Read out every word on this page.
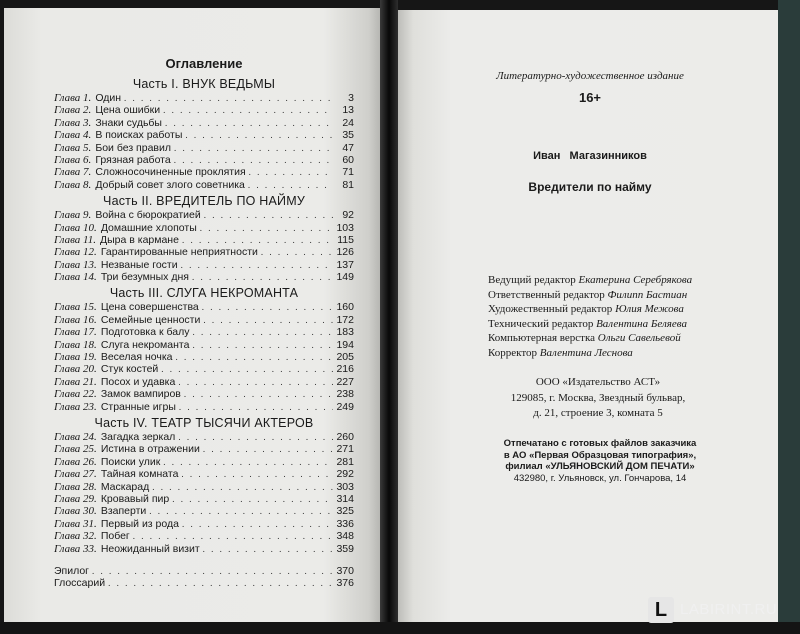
Оглавление
Часть I. ВНУК ВЕДЬМЫ
Глава 1. Один . . .	3
Глава 2. Цена ошибки . . .	13
Глава 3. Знаки судьбы . . .	24
Глава 4. В поисках работы . . .	35
Глава 5. Бои без правил . . .	47
Глава 6. Грязная работа . . .	60
Глава 7. Сложносочиненные проклятия . . .	71
Глава 8. Добрый совет злого советника . . .	81
Часть II. ВРЕДИТЕЛЬ ПО НАЙМУ
Глава 9. Война с бюрократией . . .	92
Глава 10. Домашние хлопоты . . .	103
Глава 11. Дыра в кармане . . .	115
Глава 12. Гарантированные неприятности . . .	126
Глава 13. Незваные гости . . .	137
Глава 14. Три безумных дня . . .	149
Часть III. СЛУГА НЕКРОМАНТА
Глава 15. Цена совершенства . . .	160
Глава 16. Семейные ценности . . .	172
Глава 17. Подготовка к балу . . .	183
Глава 18. Слуга некроманта . . .	194
Глава 19. Веселая ночка . . .	205
Глава 20. Стук костей . . .	216
Глава 21. Посох и удавка . . .	227
Глава 22. Замок вампиров . . .	238
Глава 23. Странные игры . . .	249
Часть IV. ТЕАТР ТЫСЯЧИ АКТЕРОВ
Глава 24. Загадка зеркал . . .	260
Глава 25. Истина в отражении . . .	271
Глава 26. Поиски улик . . .	281
Глава 27. Тайная комната . . .	292
Глава 28. Маскарад . . .	303
Глава 29. Кровавый пир . . .	314
Глава 30. Взаперти . . .	325
Глава 31. Первый из рода . . .	336
Глава 32. Побег . . .	348
Глава 33. Неожиданный визит . . .	359
Эпилог . . .	370
Глоссарий . . .	376
Литературно-художественное издание
16+
Иван   Магазинников
Вредители по найму
Ведущий редактор Екатерина Серебрякова
Ответственный редактор Филипп Бастиан
Художественный редактор Юлия Межова
Технический редактор Валентина Беляева
Компьютерная верстка Ольги Савельевой
Корректор Валентина Леснова
ООО «Издательство АСТ»
129085, г. Москва, Звездный бульвар,
д. 21, строение 3, комната 5
Отпечатано с готовых файлов заказчика
в АО «Первая Образцовая типография»,
филиал «УЛЬЯНОВСКИЙ ДОМ ПЕЧАТИ»
432980, г. Ульяновск, ул. Гончарова, 14
L LABIRINT.RU
